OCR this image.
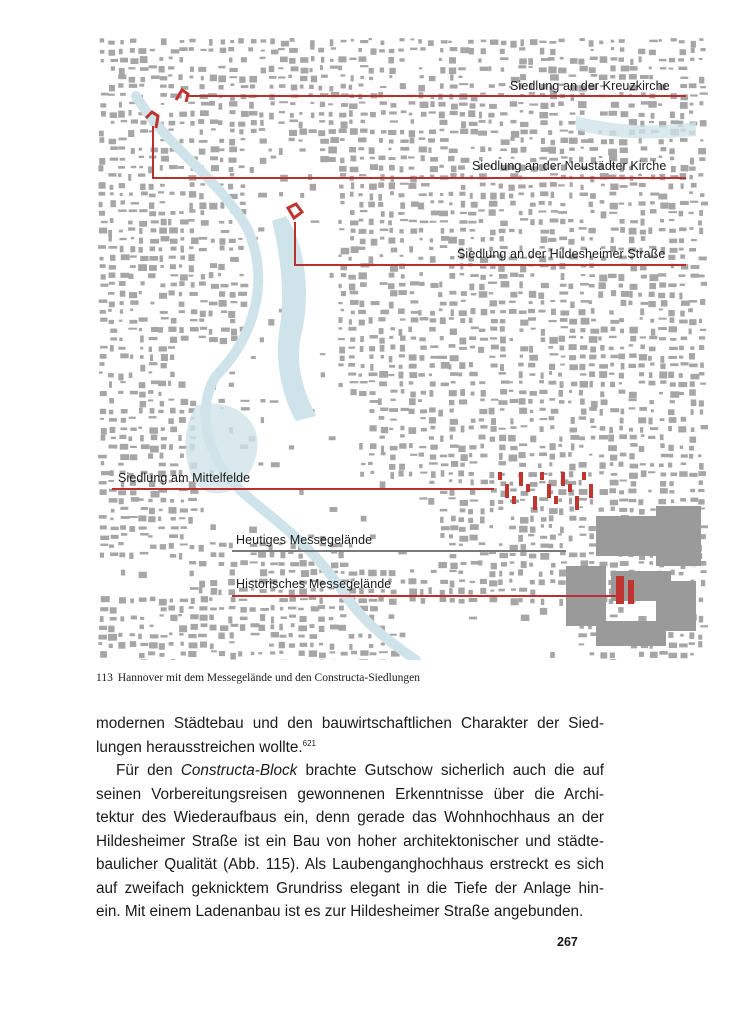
Siedlung an der Kreuzkirche
Siedlung an der Neustädter Kirche
Siedlung an der Hildesheimer Straße
Siedlung am Mittelfelde
Heutiges Messegelände
Historisches Messegelände
113 Hannover mit dem Messegelände und den Constructa-Siedlungen

modernen Städtebau und den bauwirtschaftlichen Charakter der Sied-
lungen herausstreichen wollte.$^{621}$

Für den Constructa-Block brachte Gutschow sicherlich auch die auf
seinen Vorbereitungsreisen gewonnenen Erkenntnisse über die Archi-
tektur des Wiederaufbaus ein, denn gerade das Wohnhochhaus an der
Hildesheimer Straße ist ein Bau von hoher architektonischer und städte-
baulicher Qualität (Abb. 115). Als Laubenganghochhaus erstreckt es sich
auf zweifach geknicktem Grundriss elegant in die Tiefe der Anlage hin-
ein. Mit einem Ladenanbau ist es zur Hildesheimer Straße angebunden.

267
